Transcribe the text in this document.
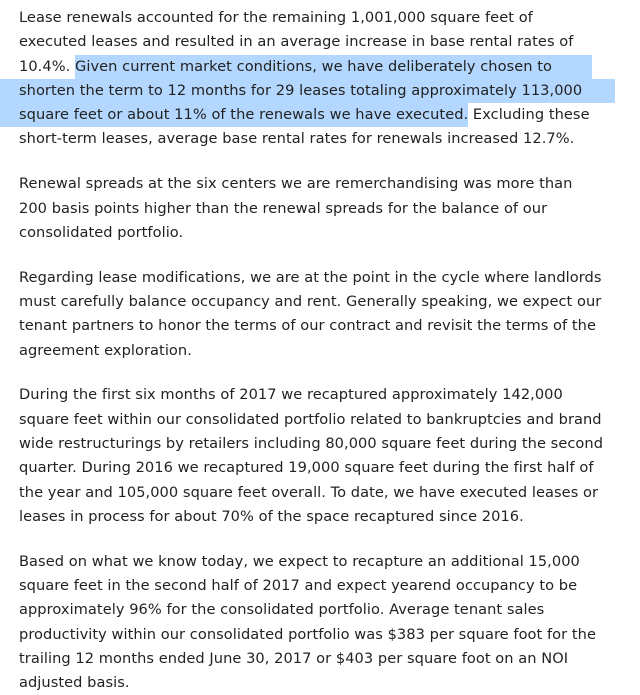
Lease renewals accounted for the remaining 1,001,000 square feet of
executed leases and resulted in an average increase in base rental rates of
10.4%. Given current market conditions, we have deliberately chosen to
shorten the term to 12 months for 29 leases totaling approximately 113,000
square feet or about 11% of the renewals we have executed. Excluding these
short-term leases, average base rental rates for renewals increased 12.7%.

Renewal spreads at the six centers we are remerchandising was more than
200 basis points higher than the renewal spreads for the balance of our
consolidated portfolio.

Regarding lease modifications, we are at the point in the cycle where landlords
must carefully balance occupancy and rent. Generally speaking, we expect our
tenant partners to honor the terms of our contract and revisit the terms of the
agreement exploration.

During the first six months of 2017 we recaptured approximately 142,000
square feet within our consolidated portfolio related to bankruptcies and brand
wide restructurings by retailers including 80,000 square feet during the second
quarter. During 2016 we recaptured 19,000 square feet during the first half of
the year and 105,000 square feet overall. To date, we have executed leases or
leases in process for about 70% of the space recaptured since 2016.

Based on what we know today, we expect to recapture an additional 15,000
square feet in the second half of 2017 and expect yearend occupancy to be
approximately 96% for the consolidated portfolio. Average tenant sales
productivity within our consolidated portfolio was $383 per square foot for the
trailing 12 months ended June 30, 2017 or $403 per square foot on an NOI
adjusted basis.
